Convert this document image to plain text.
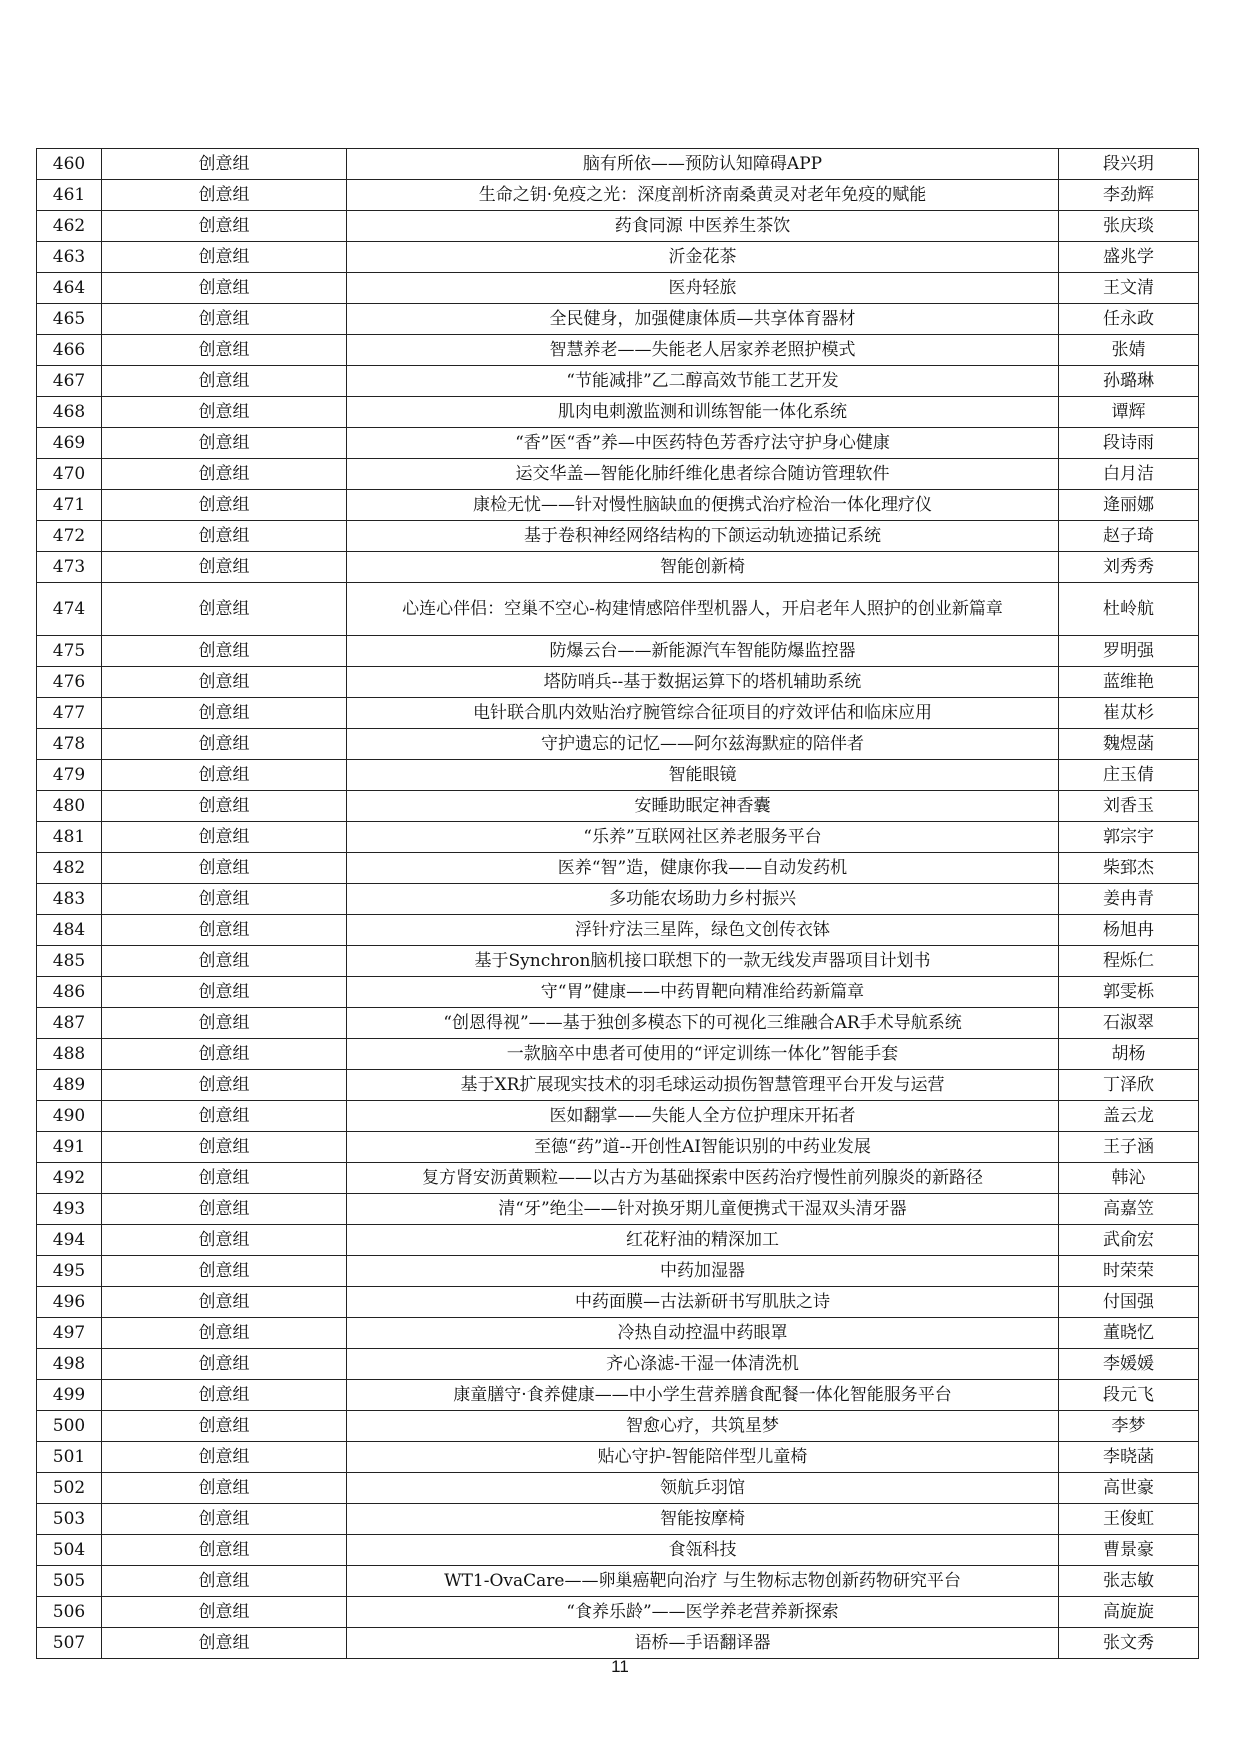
460	创意组	脑有所依——预防认知障碍APP	段兴玥
461	创意组	生命之钥·免疫之光：深度剖析济南桑黄灵对老年免疫的赋能	李劲辉
462	创意组	药食同源 中医养生茶饮	张庆琰
463	创意组	沂金花茶	盛兆学
464	创意组	医舟轻旅	王文清
465	创意组	全民健身，加强健康体质—共享体育器材	任永政
466	创意组	智慧养老——失能老人居家养老照护模式	张婧
467	创意组	“节能减排”乙二醇高效节能工艺开发	孙璐琳
468	创意组	肌肉电刺激监测和训练智能一体化系统	谭辉
469	创意组	“香”医“香”养—中医药特色芳香疗法守护身心健康	段诗雨
470	创意组	运交华盖—智能化肺纤维化患者综合随访管理软件	白月洁
471	创意组	康检无忧——针对慢性脑缺血的便携式治疗检治一体化理疗仪	逄丽娜
472	创意组	基于卷积神经网络结构的下颌运动轨迹描记系统	赵子琦
473	创意组	智能创新椅	刘秀秀
474	创意组	心连心伴侣：空巢不空心-构建情感陪伴型机器人，开启老年人照护的创业新篇章	杜岭航
475	创意组	防爆云台——新能源汽车智能防爆监控器	罗明强
476	创意组	塔防哨兵--基于数据运算下的塔机辅助系统	蓝维艳
477	创意组	电针联合肌内效贴治疗腕管综合征项目的疗效评估和临床应用	崔苁杉
478	创意组	守护遗忘的记忆——阿尔兹海默症的陪伴者	魏煜菡
479	创意组	智能眼镜	庄玉倩
480	创意组	安睡助眠定神香囊	刘香玉
481	创意组	“乐养”互联网社区养老服务平台	郭宗宇
482	创意组	医养“智”造，健康你我——自动发药机	柴郅杰
483	创意组	多功能农场助力乡村振兴	姜冉青
484	创意组	浮针疗法三星阵，绿色文创传衣钵	杨旭冉
485	创意组	基于Synchron脑机接口联想下的一款无线发声器项目计划书	程烁仁
486	创意组	守“胃”健康——中药胃靶向精准给药新篇章	郭雯栎
487	创意组	“创恩得视”——基于独创多模态下的可视化三维融合AR手术导航系统	石淑翠
488	创意组	一款脑卒中患者可使用的“评定训练一体化”智能手套	胡杨
489	创意组	基于XR扩展现实技术的羽毛球运动损伤智慧管理平台开发与运营	丁泽欣
490	创意组	医如翻掌——失能人全方位护理床开拓者	盖云龙
491	创意组	至德“药”道--开创性AI智能识别的中药业发展	王子涵
492	创意组	复方肾安沥黄颗粒——以古方为基础探索中医药治疗慢性前列腺炎的新路径	韩沁
493	创意组	清“牙”绝尘——针对换牙期儿童便携式干湿双头清牙器	高嘉笠
494	创意组	红花籽油的精深加工	武俞宏
495	创意组	中药加湿器	时荣荣
496	创意组	中药面膜—古法新研书写肌肤之诗	付国强
497	创意组	冷热自动控温中药眼罩	董晓忆
498	创意组	齐心涤滤-干湿一体清洗机	李媛媛
499	创意组	康童膳守·食养健康——中小学生营养膳食配餐一体化智能服务平台	段元飞
500	创意组	智愈心疗，共筑星梦	李梦
501	创意组	贴心守护-智能陪伴型儿童椅	李晓菡
502	创意组	领航乒羽馆	高世豪
503	创意组	智能按摩椅	王俊虹
504	创意组	食瓴科技	曹景豪
505	创意组	WT1-OvaCare——卵巢癌靶向治疗 与生物标志物创新药物研究平台	张志敏
506	创意组	“食养乐龄”——医学养老营养新探索	高旋旋
507	创意组	语桥—手语翻译器	张文秀
11
